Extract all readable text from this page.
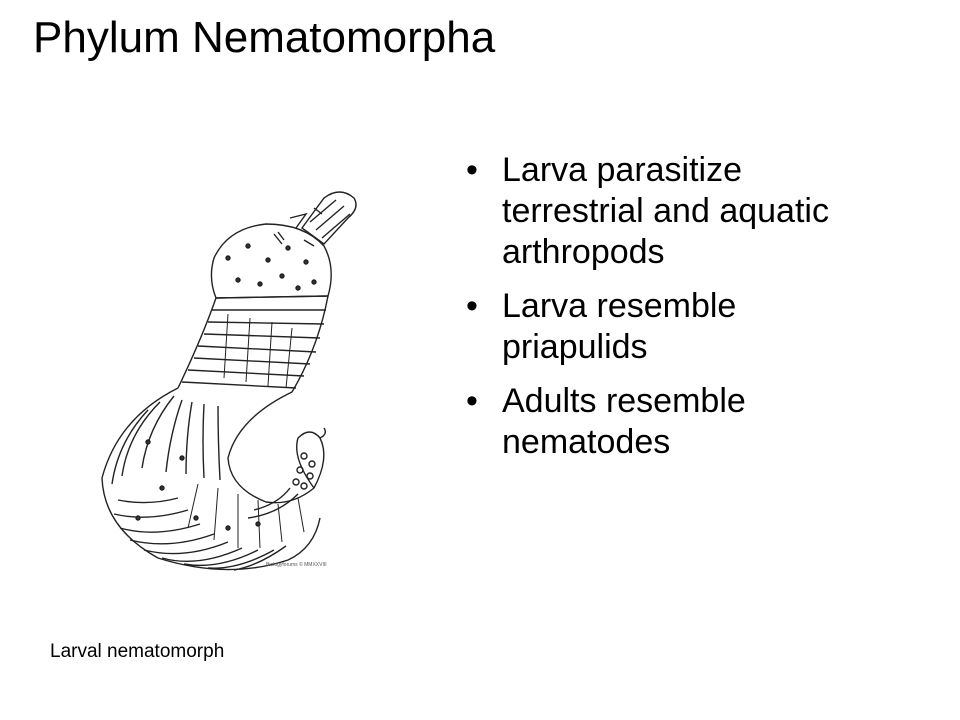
Phylum Nematomorpha
Biologyforums © MMXXVIII
Larval nematomorph
• Larva parasitize terrestrial and aquatic arthropods
• Larva resemble priapulids
• Adults resemble nematodes
